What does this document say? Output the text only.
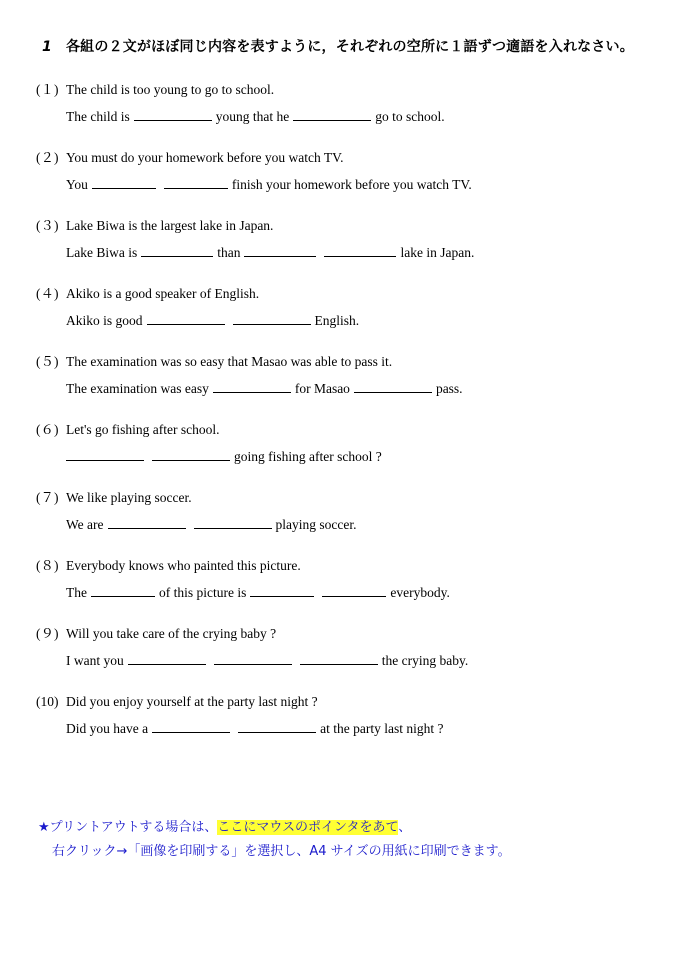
1 各組の２文がほぼ同じ内容を表すように，それぞれの空所に１語ずつ適語を入れなさい。
(１) The child is too young to go to school.
The child is	young that he	go to school.
(２) You must do your homework before you watch TV.
You	finish your homework before you watch TV.
(３) Lake Biwa is the largest lake in Japan.
Lake Biwa is	than	lake in Japan.
(４) Akiko is a good speaker of English.
Akiko is good	English.
(５) The examination was so easy that Masao was able to pass it.
The examination was easy	for Masao	pass.
(６) Let's go fishing after school.
going fishing after school ?
(７) We like playing soccer.
We are	playing soccer.
(８) Everybody knows who painted this picture.
The	of this picture is	everybody.
(９) Will you take care of the crying baby ?
I want you	the crying baby.
(10) Did you enjoy yourself at the party last night ?
Did you have a	at the party last night ?
★プリントアウトする場合は、ここにマウスのポインタをあて、
右クリック→「画像を印刷する」を選択し、A4 サイズの用紙に印刷できます。
